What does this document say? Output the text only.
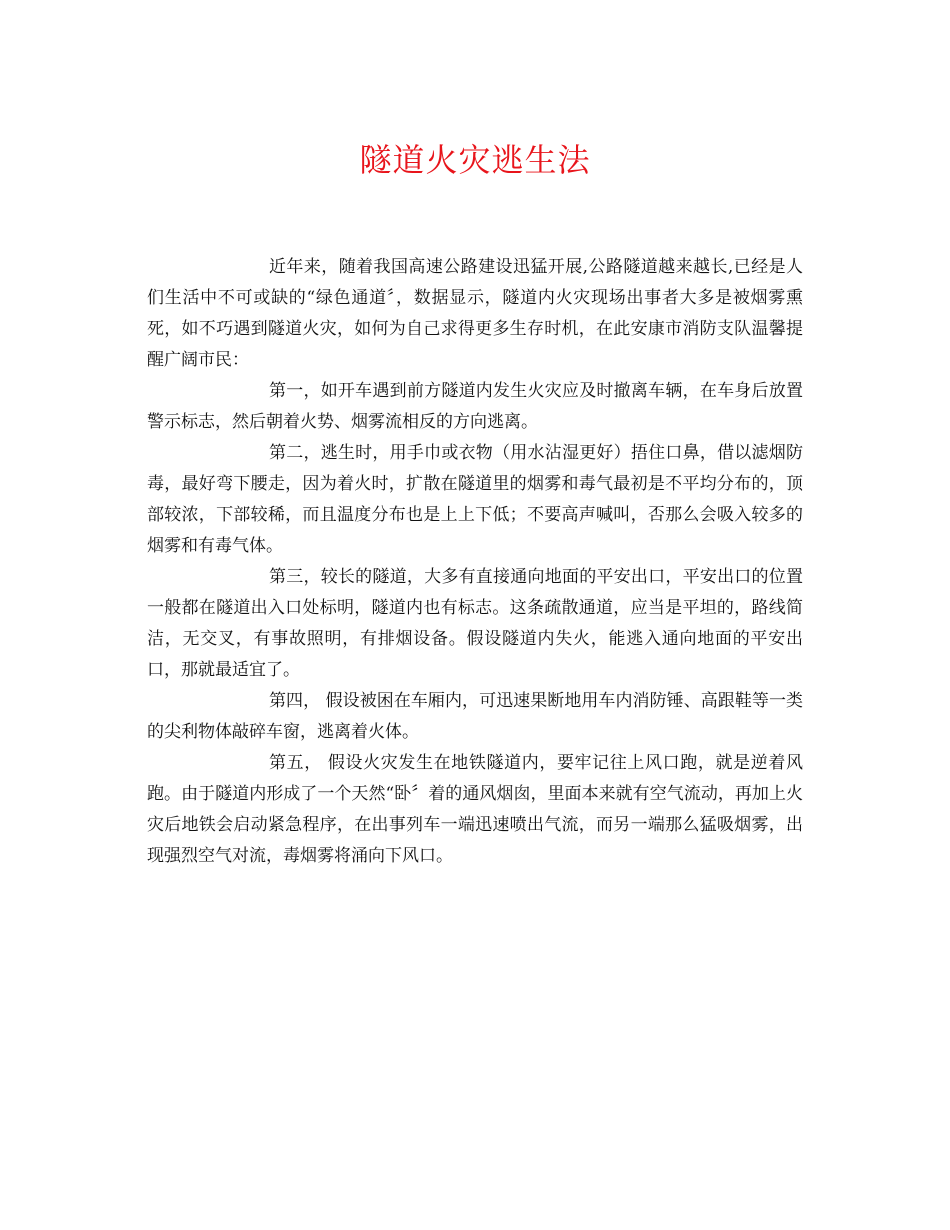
隧道火灾逃生法

近年来，随着我国高速公路建设迅猛开展,公路隧道越来越长,已经是人们生活中不可或缺的“绿色通道〞，数据显示，隧道内火灾现场出事者大多是被烟雾熏死，如不巧遇到隧道火灾，如何为自己求得更多生存时机，在此安康市消防支队温馨提醒广阔市民：

第一，如开车遇到前方隧道内发生火灾应及时撤离车辆，在车身后放置警示标志，然后朝着火势、烟雾流相反的方向逃离。

第二，逃生时，用手巾或衣物（用水沾湿更好）捂住口鼻，借以滤烟防毒，最好弯下腰走，因为着火时，扩散在隧道里的烟雾和毒气最初是不平均分布的，顶部较浓，下部较稀，而且温度分布也是上上下低；不要高声喊叫，否那么会吸入较多的烟雾和有毒气体。

第三，较长的隧道，大多有直接通向地面的平安出口，平安出口的位置一般都在隧道出入口处标明，隧道内也有标志。这条疏散通道，应当是平坦的，路线简洁，无交叉，有事故照明，有排烟设备。假设隧道内失火，能逃入通向地面的平安出口，那就最适宜了。

第四， 假设被困在车厢内，可迅速果断地用车内消防锤、高跟鞋等一类的尖利物体敲碎车窗，逃离着火体。

第五， 假设火灾发生在地铁隧道内，要牢记往上风口跑，就是逆着风跑。由于隧道内形成了一个天然“卧〞着的通风烟囱，里面本来就有空气流动，再加上火灾后地铁会启动紧急程序，在出事列车一端迅速喷出气流，而另一端那么猛吸烟雾，出现强烈空气对流，毒烟雾将涌向下风口。
